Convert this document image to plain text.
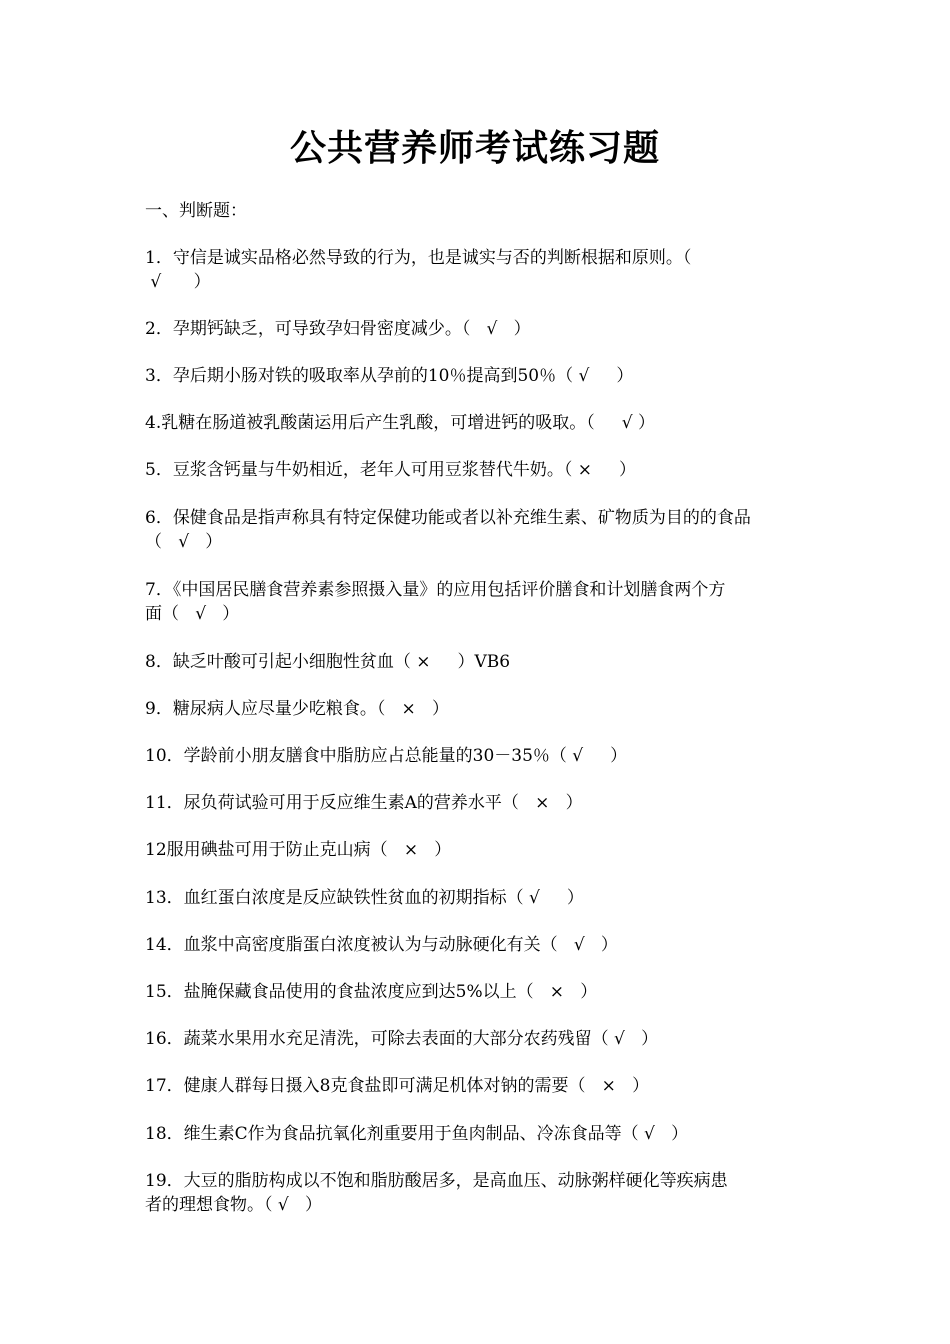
公共营养师考试练习题
一、判断题：
1．守信是诚实品格必然导致的行为，也是诚实与否的判断根据和原则。（
√      ）
2．孕期钙缺乏，可导致孕妇骨密度减少。（   √   ）
3．孕后期小肠对铁的吸取率从孕前的10％提高到50％（ √     ）
4.乳糖在肠道被乳酸菌运用后产生乳酸，可增进钙的吸取。（     √ ）
5．豆浆含钙量与牛奶相近，老年人可用豆浆替代牛奶。（ ×     ）
6．保健食品是指声称具有特定保健功能或者以补充维生素、矿物质为目的的食品
（   √   ）
7．《中国居民膳食营养素参照摄入量》的应用包括评价膳食和计划膳食两个方
面（   √   ）
8．缺乏叶酸可引起小细胞性贫血（ ×     ）VB6
9．糖尿病人应尽量少吃粮食。（   ×   ）
10．学龄前小朋友膳食中脂肪应占总能量的30－35％（ √     ）
11．尿负荷试验可用于反应维生素A的营养水平（   ×   ）
12服用碘盐可用于防止克山病（   ×   ）
13．血红蛋白浓度是反应缺铁性贫血的初期指标（ √     ）
14．血浆中高密度脂蛋白浓度被认为与动脉硬化有关（   √   ）
15．盐腌保藏食品使用的食盐浓度应到达5%以上（   ×   ）
16．蔬菜水果用水充足清洗，可除去表面的大部分农药残留（ √   ）
17．健康人群每日摄入8克食盐即可满足机体对钠的需要（   ×   ）
18．维生素C作为食品抗氧化剂重要用于鱼肉制品、冷冻食品等（ √   ）
19．大豆的脂肪构成以不饱和脂肪酸居多，是高血压、动脉粥样硬化等疾病患
者的理想食物。（ √   ）
